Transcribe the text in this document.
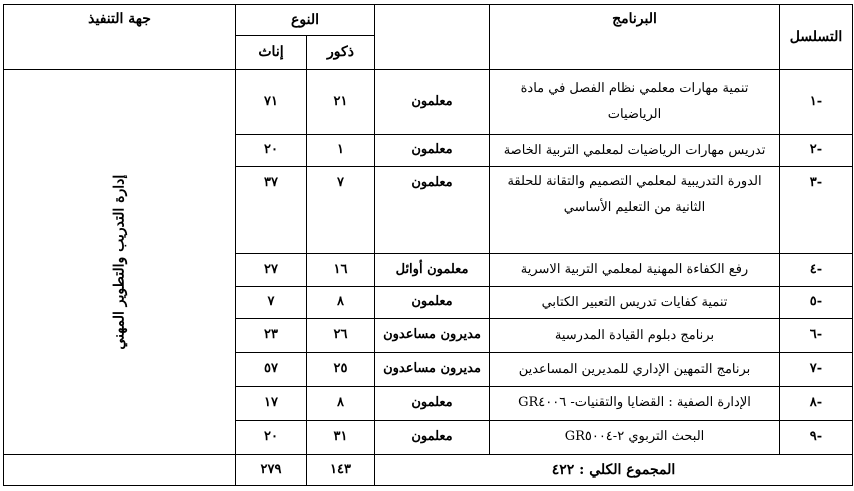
التسلسل	البرنامج		النوع		جهة التنفيذ
			ذكور	إناث	
-١	تنمية مهارات معلمي نظام الفصل في مادة الرياضيات	معلمون	٢١	٧١	إدارة التدريب والتطوير المهني
-٢	تدريس مهارات الرياضيات لمعلمي التربية الخاصة	معلمون	١	٢٠	
-٣	الدورة التدريبية لمعلمي التصميم والتقانة للحلقة الثانية من التعليم الأساسي	معلمون	٧	٣٧	
-٤	رفع الكفاءة المهنية لمعلمي التربية الاسرية	معلمون أوائل	١٦	٢٧	
-٥	تنمية كفايات تدريس التعبير الكتابي	معلمون	٨	٧	
-٦	برنامج دبلوم القيادة المدرسية	مديرون مساعدون	٢٦	٢٣	
-٧	برنامج التمهين الإداري للمديرين المساعدين	مديرون مساعدون	٢٥	٥٧	
-٨	الإدارة الصفية : القضايا والتقنيات- GR٤٠٠٦	معلمون	٨	١٧	
-٩	البحث التربوي ٢-GR٥٠٠٤	معلمون	٣١	٢٠	
المجموع الكلي : ٤٢٢			١٤٣	٢٧٩	
